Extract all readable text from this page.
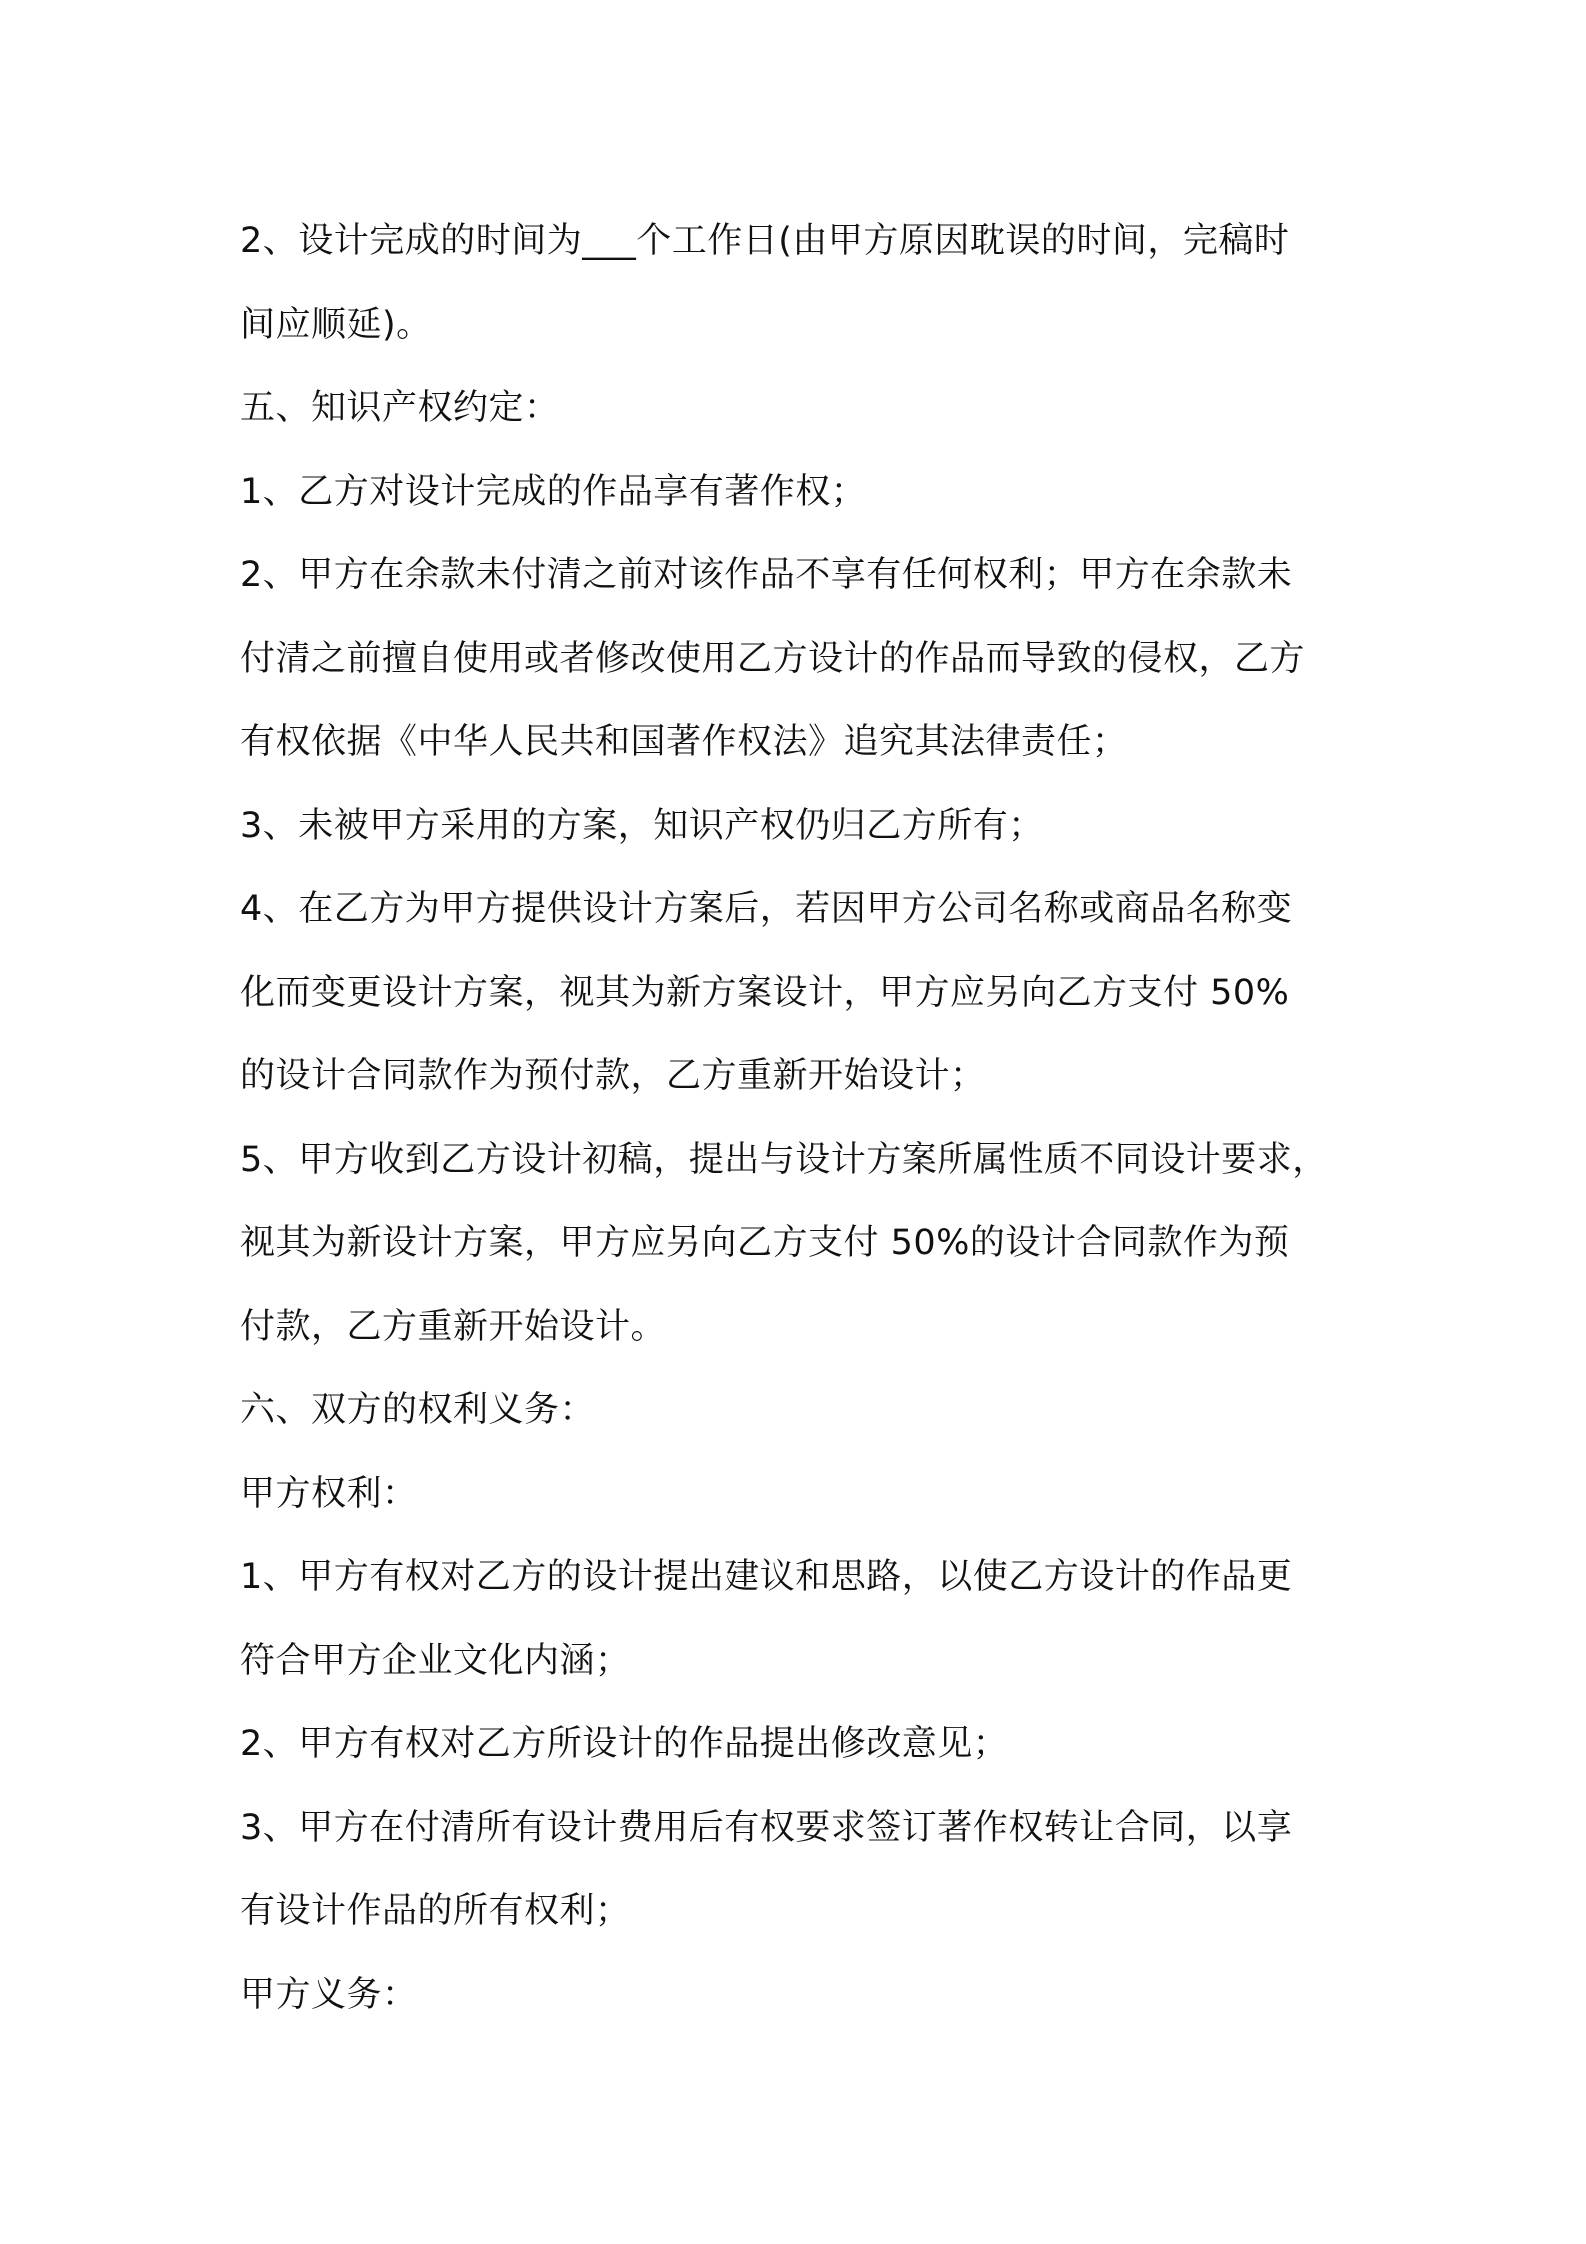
2、设计完成的时间为___个工作日(由甲方原因耽误的时间，完稿时
间应顺延)。
五、知识产权约定：
1、乙方对设计完成的作品享有著作权；
2、甲方在余款未付清之前对该作品不享有任何权利；甲方在余款未
付清之前擅自使用或者修改使用乙方设计的作品而导致的侵权，乙方
有权依据《中华人民共和国著作权法》追究其法律责任；
3、未被甲方采用的方案，知识产权仍归乙方所有；
4、在乙方为甲方提供设计方案后，若因甲方公司名称或商品名称变
化而变更设计方案，视其为新方案设计，甲方应另向乙方支付 50%
的设计合同款作为预付款，乙方重新开始设计；
5、甲方收到乙方设计初稿，提出与设计方案所属性质不同设计要求，
视其为新设计方案，甲方应另向乙方支付 50%的设计合同款作为预
付款，乙方重新开始设计。
六、双方的权利义务：
甲方权利：
1、甲方有权对乙方的设计提出建议和思路，以使乙方设计的作品更
符合甲方企业文化内涵；
2、甲方有权对乙方所设计的作品提出修改意见；
3、甲方在付清所有设计费用后有权要求签订著作权转让合同，以享
有设计作品的所有权利；
甲方义务：
